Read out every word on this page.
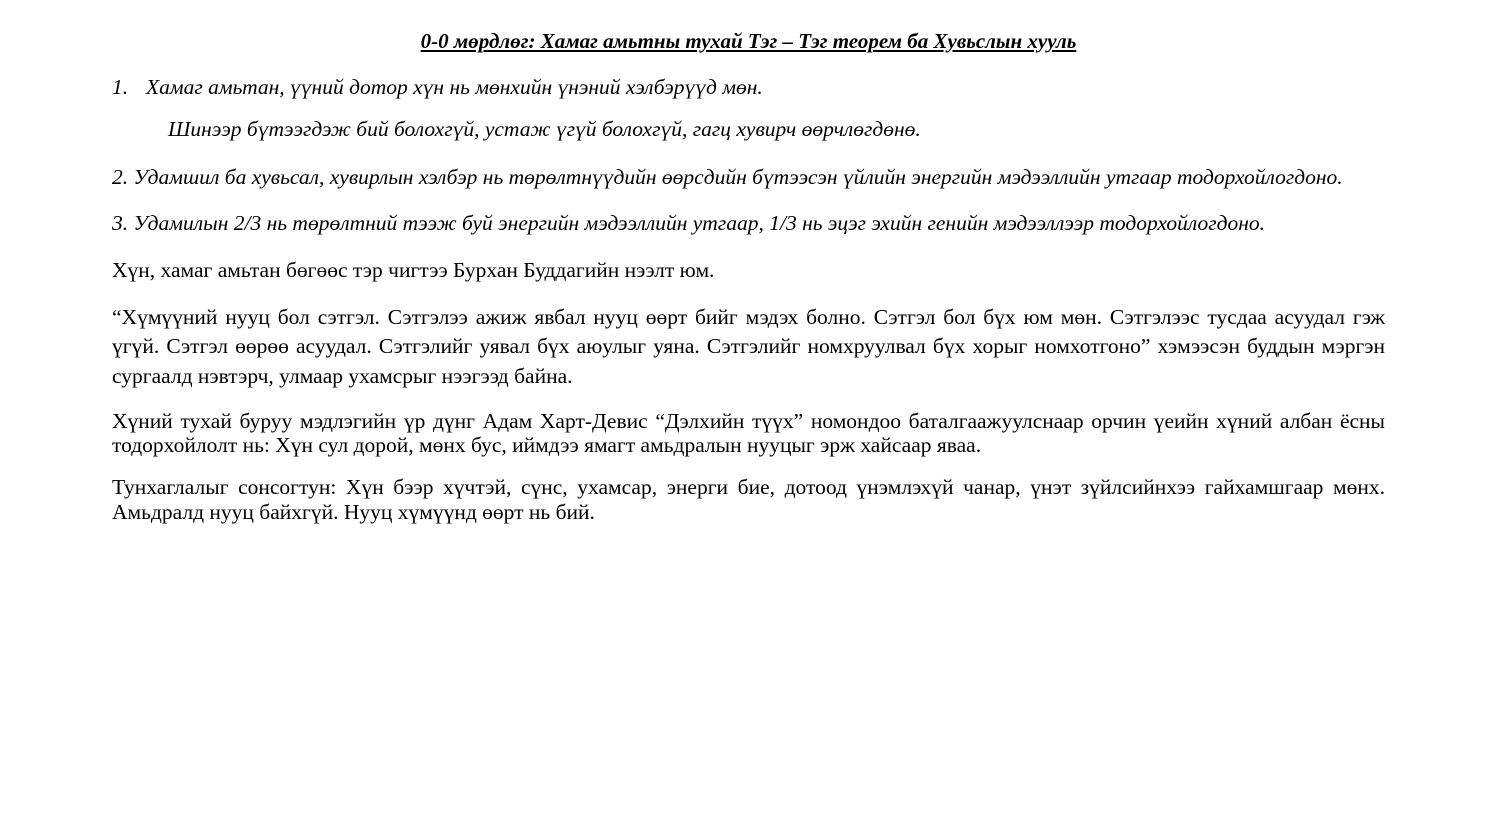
0-0 мөрдлөг: Хамаг амьтны тухай Тэг – Тэг теорем ба Хувьслын хууль
1. Хамаг амьтан, үүний дотор хүн нь мөнхийн үнэний хэлбэрүүд мөн.
Шинээр бүтээгдэж бий болохгүй, устаж үгүй болохгүй, гагц хувирч өөрчлөгдөнө.
2. Удамшил ба хувьсал, хувирлын хэлбэр нь төрөлтнүүдийн өөрсдийн бүтээсэн үйлийн энергийн мэдээллийн утгаар тодорхойлогдоно.
3. Удамилын 2/3 нь төрөлтний тээж буй энергийн мэдээллийн утгаар, 1/3 нь эцэг эхийн генийн мэдээллээр тодорхойлогдоно.
Хүн, хамаг амьтан бөгөөс тэр чигтээ Бурхан Буддагийн нээлт юм.
“Хүмүүний нууц бол сэтгэл. Сэтгэлээ ажиж явбал нууц өөрт бийг мэдэх болно. Сэтгэл бол бүх юм мөн. Сэтгэлээс тусдаа асуудал гэж үгүй. Сэтгэл өөрөө асуудал. Сэтгэлийг уявал бүх аюулыг уяна. Сэтгэлийг номхруулвал бүх хорыг номхотгоно” хэмээсэн буддын мэргэн сургаалд нэвтэрч, улмаар ухамсрыг нээгээд байна.
Хүний тухай буруу мэдлэгийн үр дүнг Адам Харт-Девис “Дэлхийн түүх” номондоо баталгаажуулснаар орчин үеийн хүний албан ёсны тодорхойлолт нь: Хүн сул дорой, мөнх бус, иймдээ ямагт амьдралын нууцыг эрж хайсаар яваа.
Тунхаглалыг сонсогтун: Хүн бээр хүчтэй, сүнс, ухамсар, энерги бие, дотоод үнэмлэхүй чанар, үнэт зүйлсийнхээ гайхамшгаар мөнх. Амьдралд нууц байхгүй. Нууц хүмүүнд өөрт нь бий.
